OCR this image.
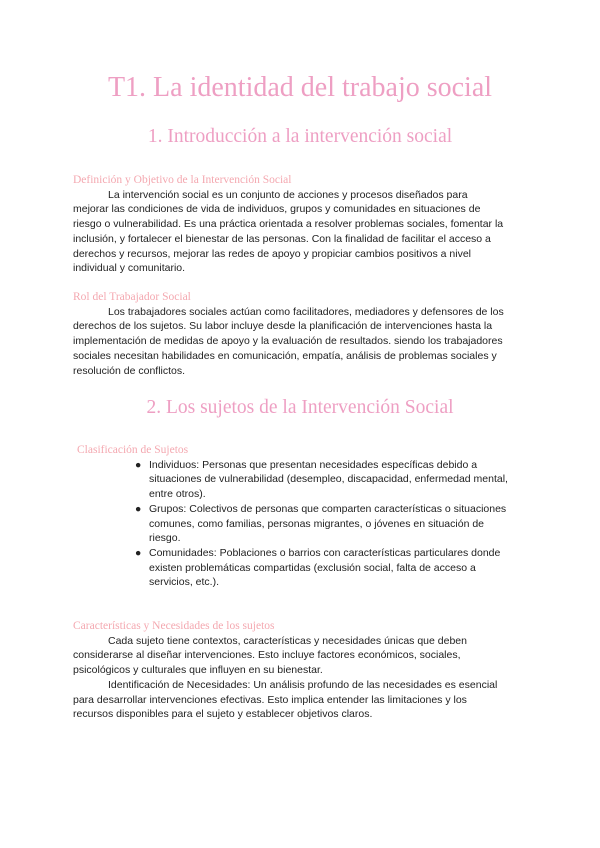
T1. La identidad del trabajo social
1. Introducción a la intervención social
Definición y Objetivo de la Intervención Social
La intervención social es un conjunto de acciones y procesos diseñados para
mejorar las condiciones de vida de individuos, grupos y comunidades en situaciones de
riesgo o vulnerabilidad. Es una práctica orientada a resolver problemas sociales, fomentar la
inclusión, y fortalecer el bienestar de las personas. Con la finalidad de facilitar el acceso a
derechos y recursos, mejorar las redes de apoyo y propiciar cambios positivos a nivel
individual y comunitario.
Rol del Trabajador Social
Los trabajadores sociales actúan como facilitadores, mediadores y defensores de los
derechos de los sujetos. Su labor incluye desde la planificación de intervenciones hasta la
implementación de medidas de apoyo y la evaluación de resultados. siendo los trabajadores
sociales necesitan habilidades en comunicación, empatía, análisis de problemas sociales y
resolución de conflictos.
2. Los sujetos de la Intervención Social
Clasificación de Sujetos
● Individuos: Personas que presentan necesidades específicas debido a
situaciones de vulnerabilidad (desempleo, discapacidad, enfermedad mental,
entre otros).
● Grupos: Colectivos de personas que comparten características o situaciones
comunes, como familias, personas migrantes, o jóvenes en situación de
riesgo.
● Comunidades: Poblaciones o barrios con características particulares donde
existen problemáticas compartidas (exclusión social, falta de acceso a
servicios, etc.).
Características y Necesidades de los sujetos
Cada sujeto tiene contextos, características y necesidades únicas que deben
considerarse al diseñar intervenciones. Esto incluye factores económicos, sociales,
psicológicos y culturales que influyen en su bienestar.
Identificación de Necesidades: Un análisis profundo de las necesidades es esencial
para desarrollar intervenciones efectivas. Esto implica entender las limitaciones y los
recursos disponibles para el sujeto y establecer objetivos claros.
